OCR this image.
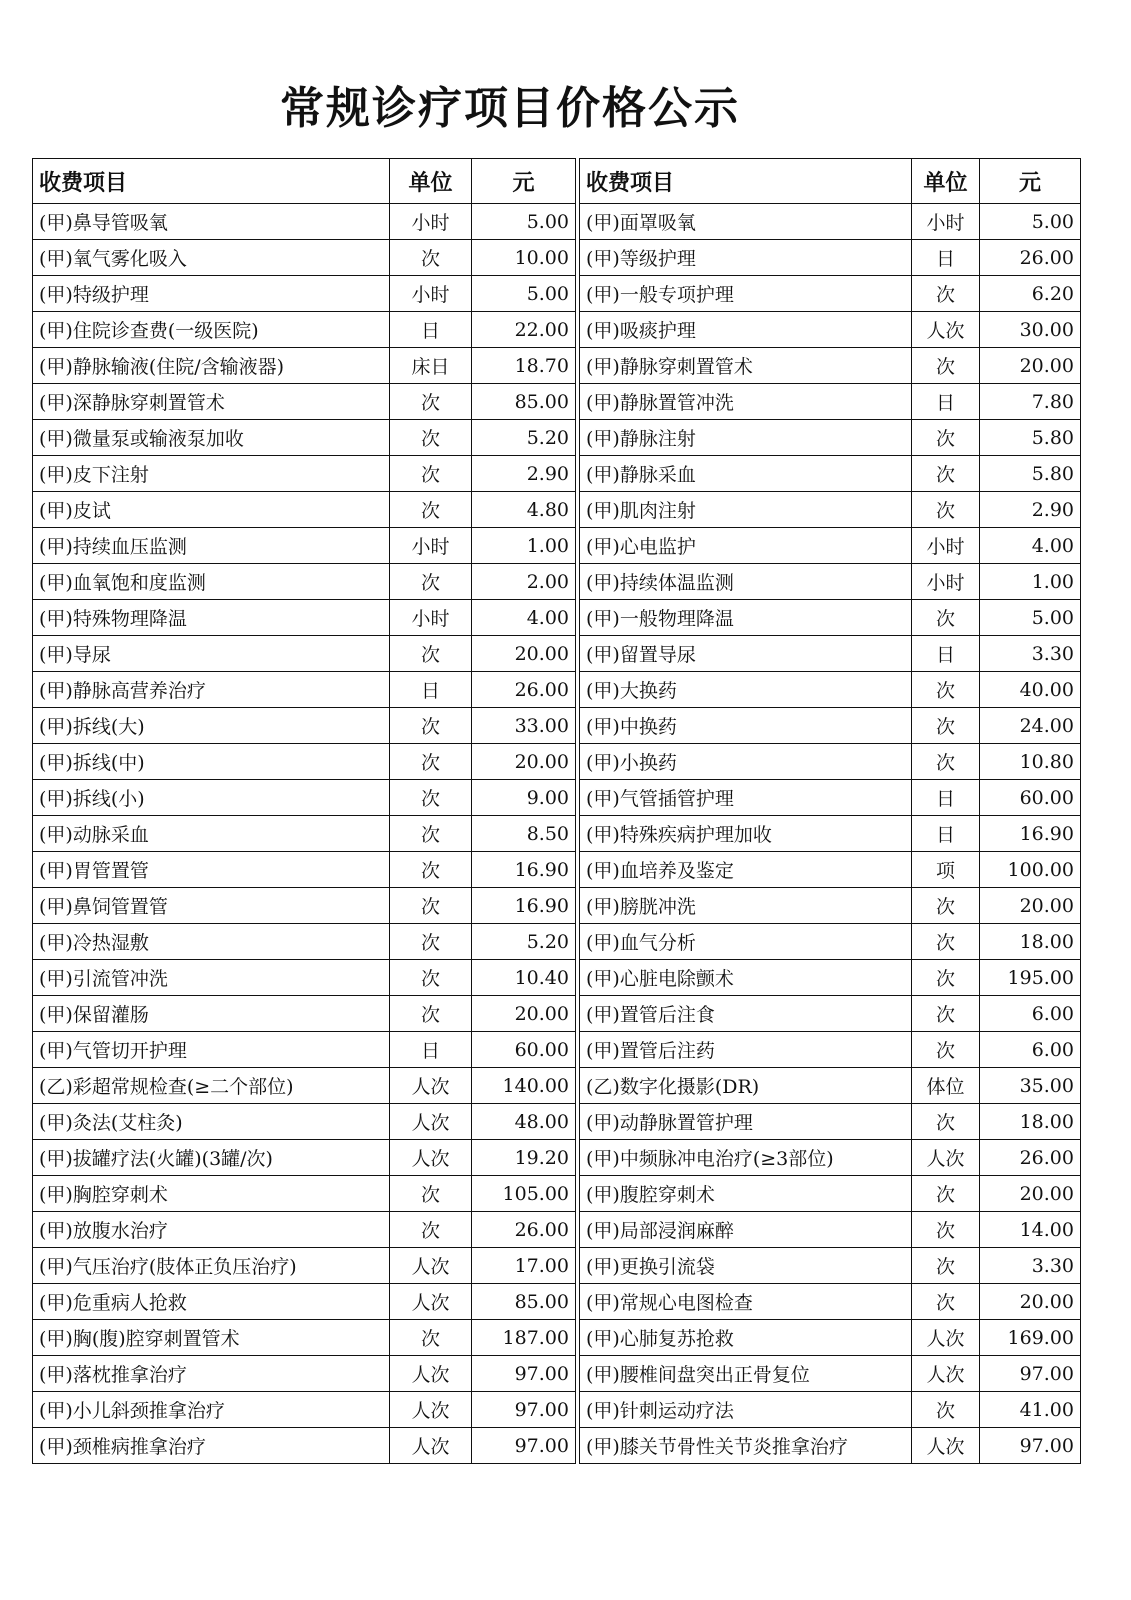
常规诊疗项目价格公示
收费项目	单位	元		收费项目	单位	元
(甲)鼻导管吸氧	小时	5.00		(甲)面罩吸氧	小时	5.00
(甲)氧气雾化吸入	次	10.00		(甲)等级护理	日	26.00
(甲)特级护理	小时	5.00		(甲)一般专项护理	次	6.20
(甲)住院诊查费(一级医院)	日	22.00		(甲)吸痰护理	人次	30.00
(甲)静脉输液(住院/含输液器)	床日	18.70		(甲)静脉穿刺置管术	次	20.00
(甲)深静脉穿刺置管术	次	85.00		(甲)静脉置管冲洗	日	7.80
(甲)微量泵或输液泵加收	次	5.20		(甲)静脉注射	次	5.80
(甲)皮下注射	次	2.90		(甲)静脉采血	次	5.80
(甲)皮试	次	4.80		(甲)肌肉注射	次	2.90
(甲)持续血压监测	小时	1.00		(甲)心电监护	小时	4.00
(甲)血氧饱和度监测	次	2.00		(甲)持续体温监测	小时	1.00
(甲)特殊物理降温	小时	4.00		(甲)一般物理降温	次	5.00
(甲)导尿	次	20.00		(甲)留置导尿	日	3.30
(甲)静脉高营养治疗	日	26.00		(甲)大换药	次	40.00
(甲)拆线(大)	次	33.00		(甲)中换药	次	24.00
(甲)拆线(中)	次	20.00		(甲)小换药	次	10.80
(甲)拆线(小)	次	9.00		(甲)气管插管护理	日	60.00
(甲)动脉采血	次	8.50		(甲)特殊疾病护理加收	日	16.90
(甲)胃管置管	次	16.90		(甲)血培养及鉴定	项	100.00
(甲)鼻饲管置管	次	16.90		(甲)膀胱冲洗	次	20.00
(甲)冷热湿敷	次	5.20		(甲)血气分析	次	18.00
(甲)引流管冲洗	次	10.40		(甲)心脏电除颤术	次	195.00
(甲)保留灌肠	次	20.00		(甲)置管后注食	次	6.00
(甲)气管切开护理	日	60.00		(甲)置管后注药	次	6.00
(乙)彩超常规检查(≥二个部位)	人次	140.00		(乙)数字化摄影(DR)	体位	35.00
(甲)灸法(艾柱灸)	人次	48.00		(甲)动静脉置管护理	次	18.00
(甲)拔罐疗法(火罐)(3罐/次)	人次	19.20		(甲)中频脉冲电治疗(≥3部位)	人次	26.00
(甲)胸腔穿刺术	次	105.00		(甲)腹腔穿刺术	次	20.00
(甲)放腹水治疗	次	26.00		(甲)局部浸润麻醉	次	14.00
(甲)气压治疗(肢体正负压治疗)	人次	17.00		(甲)更换引流袋	次	3.30
(甲)危重病人抢救	人次	85.00		(甲)常规心电图检查	次	20.00
(甲)胸(腹)腔穿刺置管术	次	187.00		(甲)心肺复苏抢救	人次	169.00
(甲)落枕推拿治疗	人次	97.00		(甲)腰椎间盘突出正骨复位	人次	97.00
(甲)小儿斜颈推拿治疗	人次	97.00		(甲)针刺运动疗法	次	41.00
(甲)颈椎病推拿治疗	人次	97.00		(甲)膝关节骨性关节炎推拿治疗	人次	97.00
